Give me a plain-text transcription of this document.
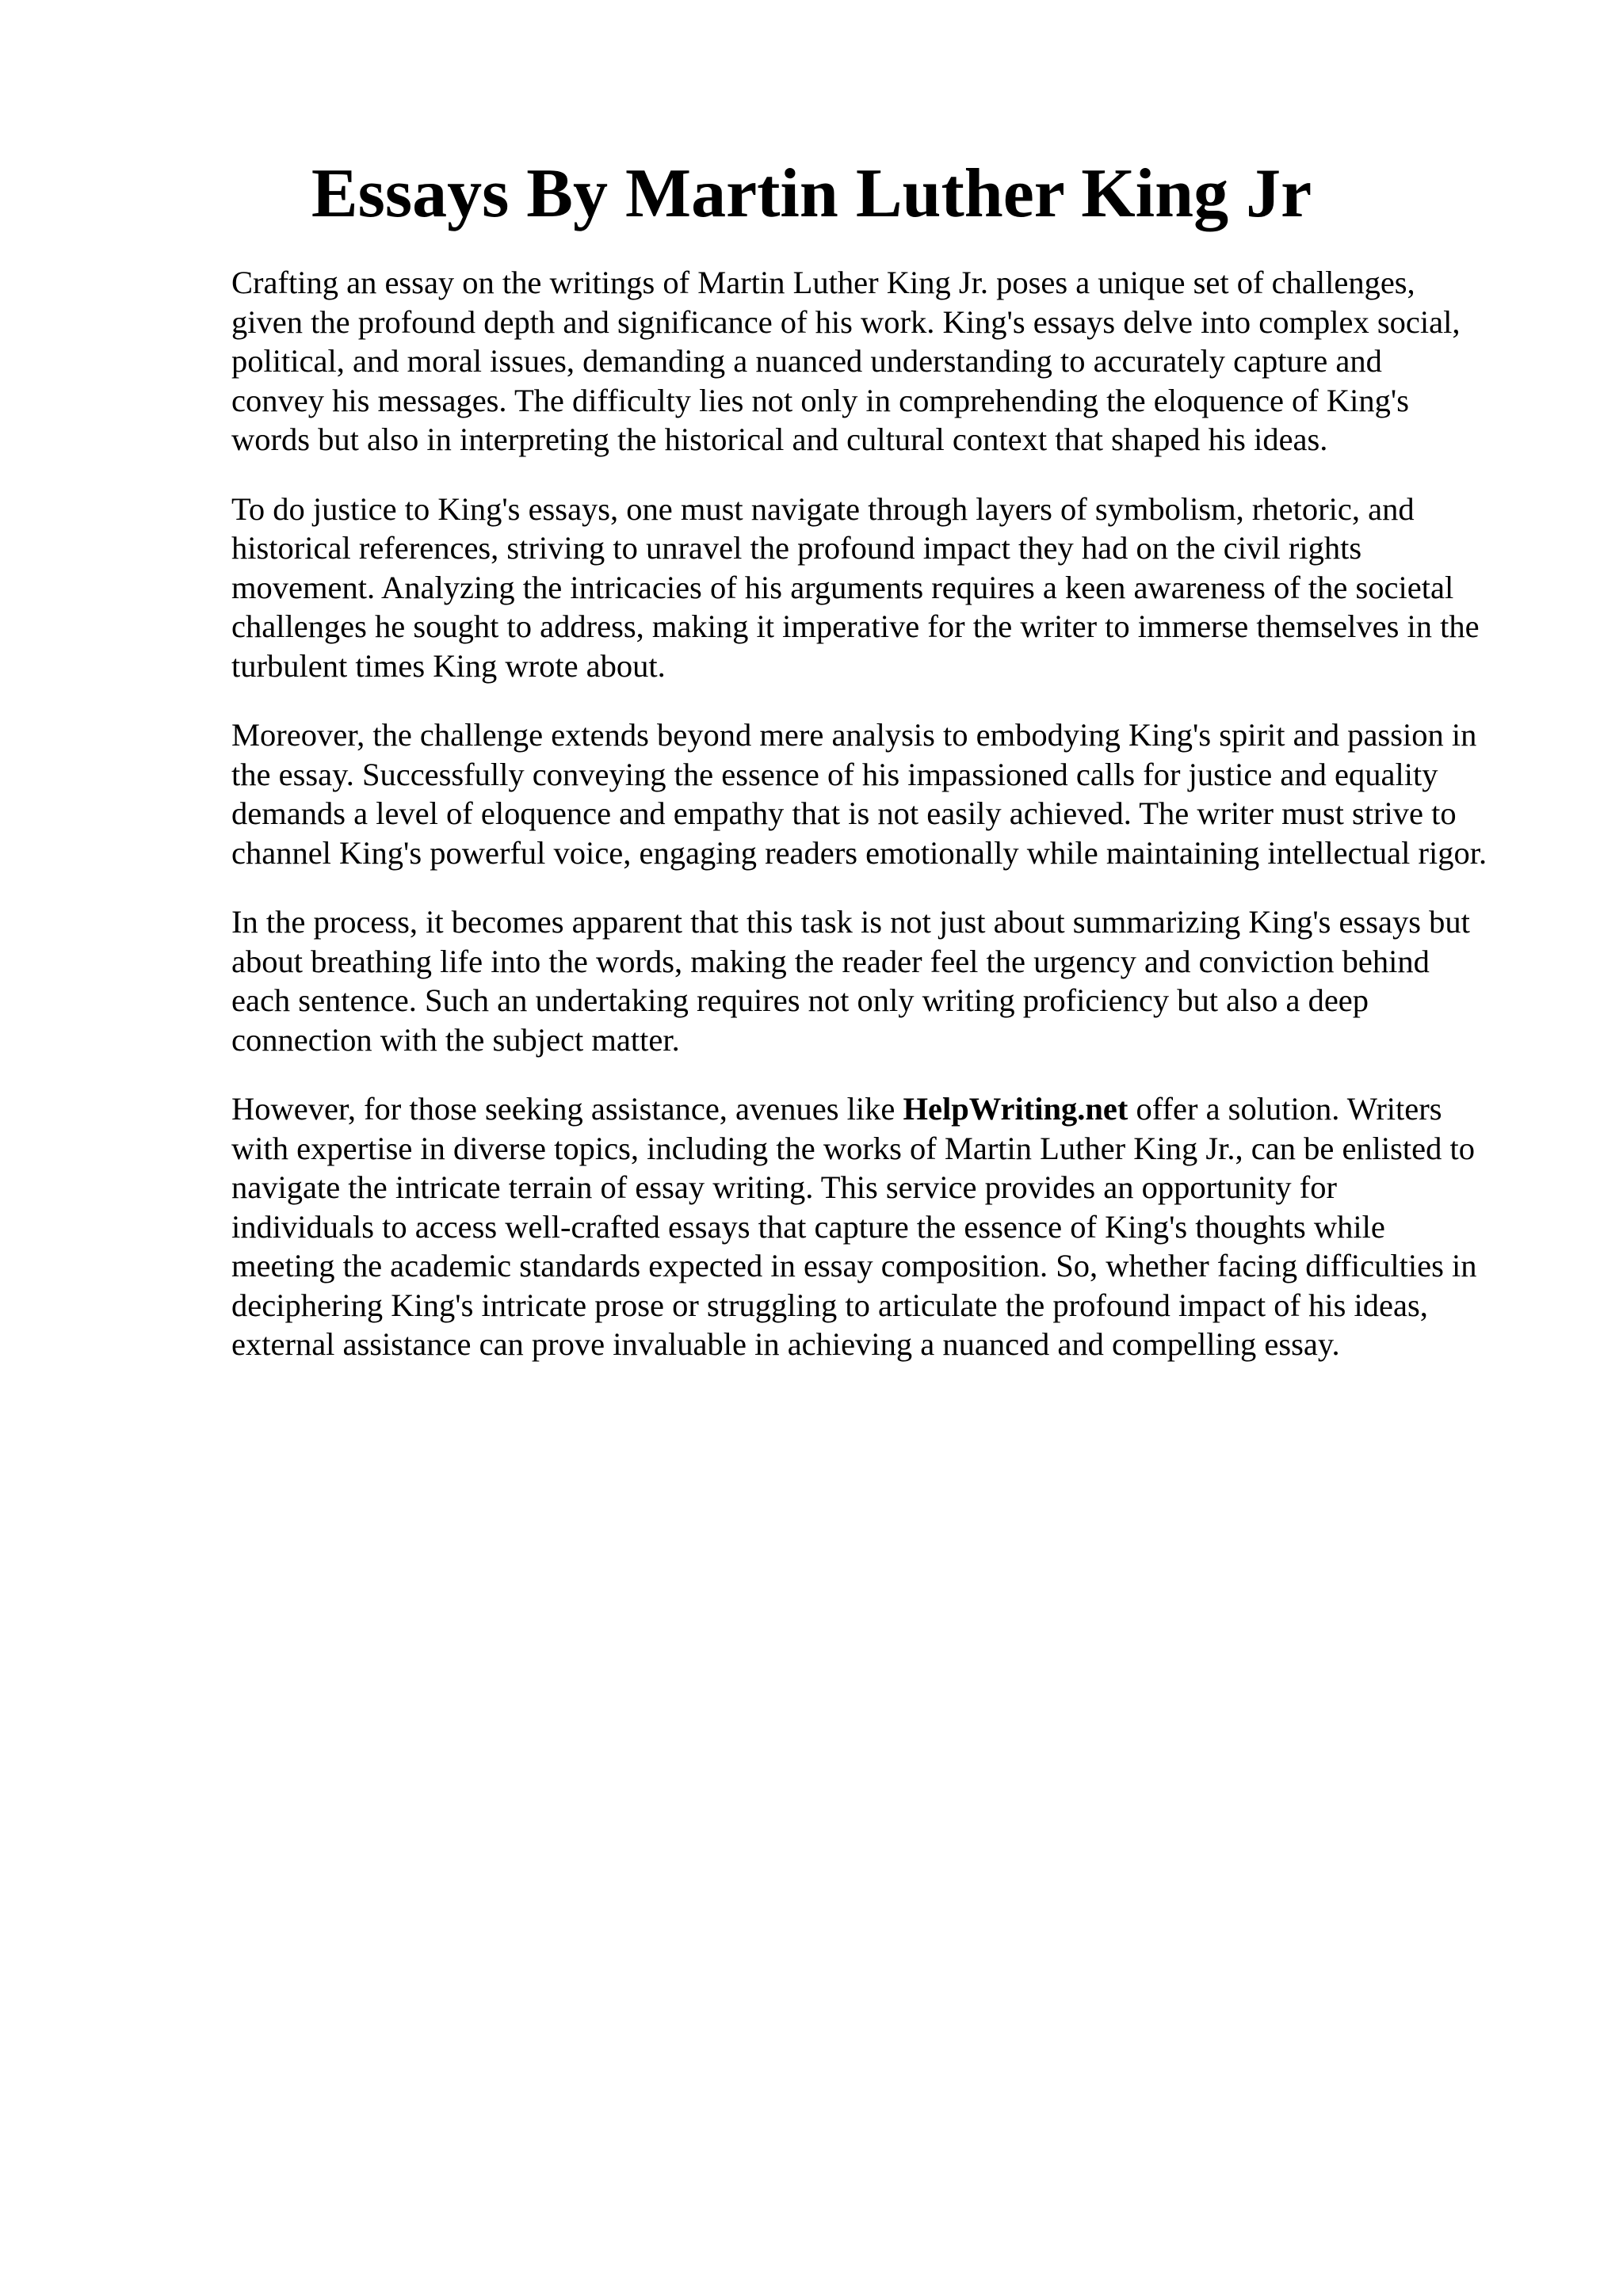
Essays By Martin Luther King Jr

Crafting an essay on the writings of Martin Luther King Jr. poses a unique set of challenges,
given the profound depth and significance of his work. King's essays delve into complex social,
political, and moral issues, demanding a nuanced understanding to accurately capture and
convey his messages. The difficulty lies not only in comprehending the eloquence of King's
words but also in interpreting the historical and cultural context that shaped his ideas.

To do justice to King's essays, one must navigate through layers of symbolism, rhetoric, and
historical references, striving to unravel the profound impact they had on the civil rights
movement. Analyzing the intricacies of his arguments requires a keen awareness of the societal
challenges he sought to address, making it imperative for the writer to immerse themselves in the
turbulent times King wrote about.

Moreover, the challenge extends beyond mere analysis to embodying King's spirit and passion in
the essay. Successfully conveying the essence of his impassioned calls for justice and equality
demands a level of eloquence and empathy that is not easily achieved. The writer must strive to
channel King's powerful voice, engaging readers emotionally while maintaining intellectual rigor.

In the process, it becomes apparent that this task is not just about summarizing King's essays but
about breathing life into the words, making the reader feel the urgency and conviction behind
each sentence. Such an undertaking requires not only writing proficiency but also a deep
connection with the subject matter.

However, for those seeking assistance, avenues like HelpWriting.net offer a solution. Writers
with expertise in diverse topics, including the works of Martin Luther King Jr., can be enlisted to
navigate the intricate terrain of essay writing. This service provides an opportunity for
individuals to access well-crafted essays that capture the essence of King's thoughts while
meeting the academic standards expected in essay composition. So, whether facing difficulties in
deciphering King's intricate prose or struggling to articulate the profound impact of his ideas,
external assistance can prove invaluable in achieving a nuanced and compelling essay.
